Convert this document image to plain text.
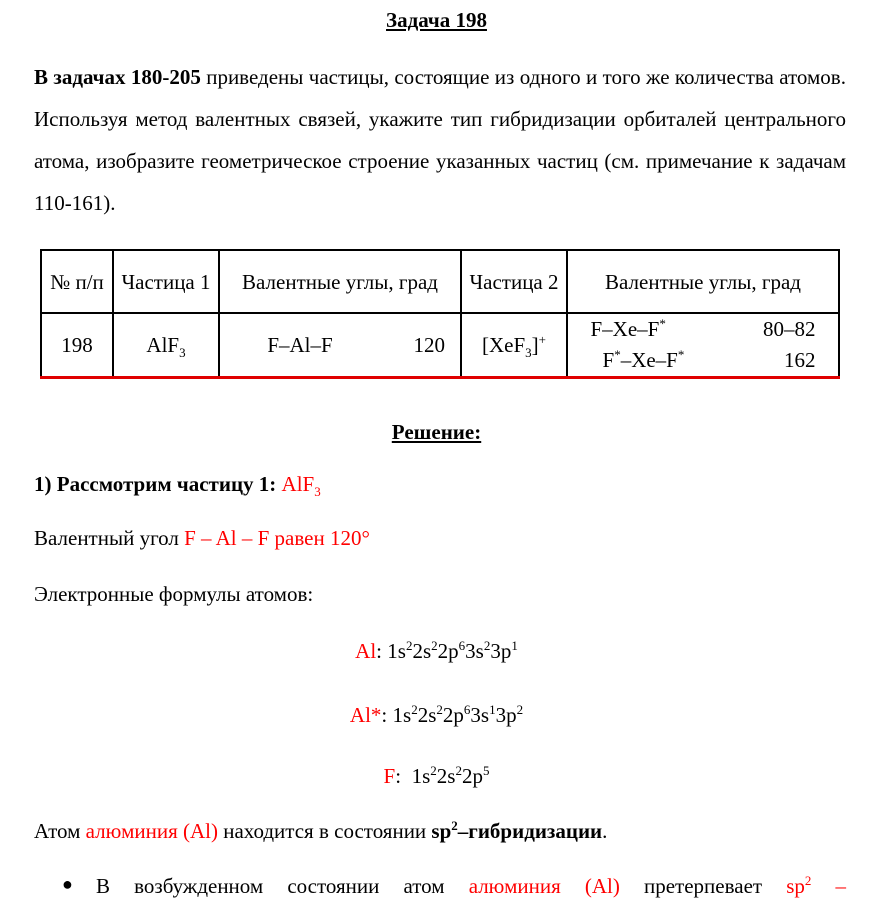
Задача 198
В задачах 180-205 приведены частицы, состоящие из одного и того же количества атомов. Используя метод валентных связей, укажите тип гибридизации орбиталей центрального атома, изобразите геометрическое строение указанных частиц (см. примечание к задачам 110-161).
№ п/п	Частица 1	Валентные углы, град	Частица 2	Валентные углы, град
198	AlF$_3$	F–Al–F 120	[XeF$_3$]+	F–Xe–F* 80–82
F*–Xe–F* 162
Решение:
1) Рассмотрим частицу 1: AlF$_3$
Валентный угол F – Al – F равен 120°
Электронные формулы атомов:
Al: $1s^22s^22p^63s^23p^1$
Al*: $1s^22s^22p^63s^13p^2$
F:  $1s^22s^22p^5$
Атом алюминия (Al) находится в состоянии $sp^2$–гибридизации.
● В возбужденном состоянии атом алюминия (Al) претерпевает $sp^2$ –
